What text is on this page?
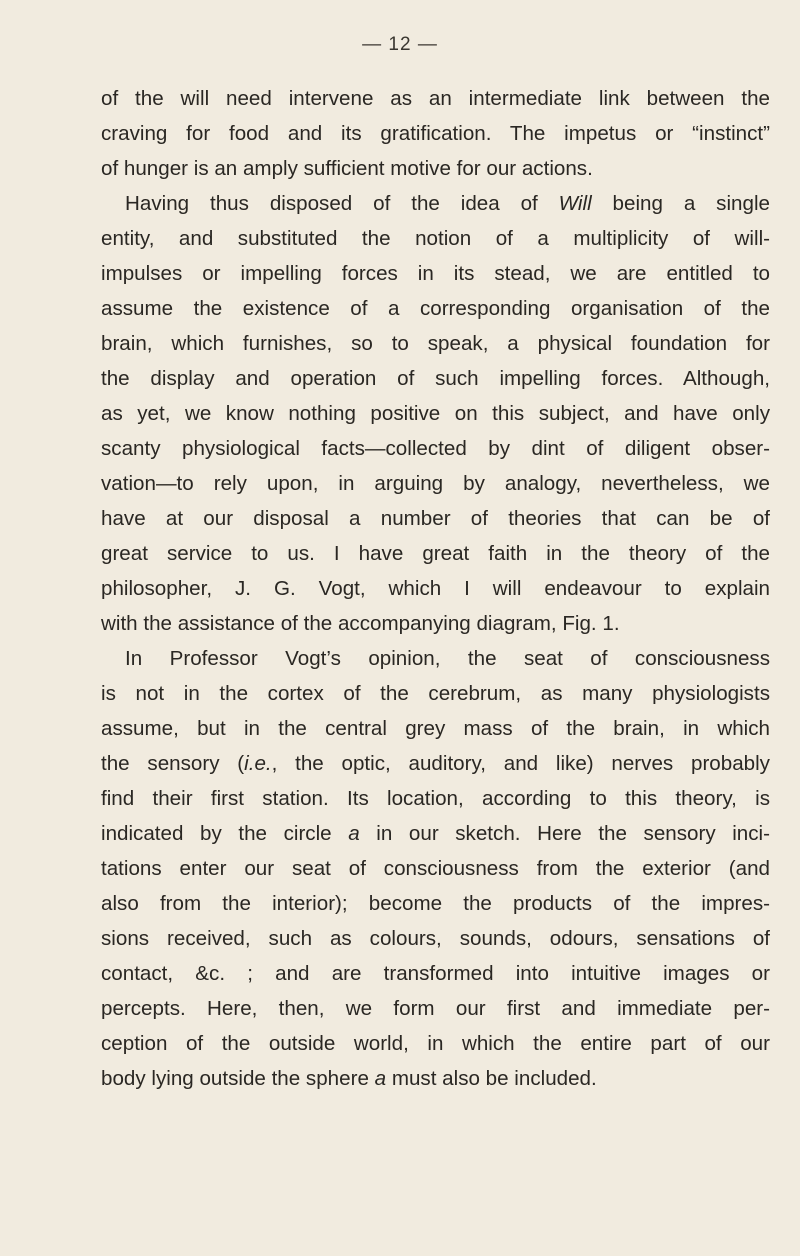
— 12 —
of the will need intervene as an intermediate link between the
craving for food and its gratification. The impetus or “instinct”
of hunger is an amply sufficient motive for our actions.
Having thus disposed of the idea of Will being a single
entity, and substituted the notion of a multiplicity of will-
impulses or impelling forces in its stead, we are entitled to
assume the existence of a corresponding organisation of the
brain, which furnishes, so to speak, a physical foundation for
the display and operation of such impelling forces. Although,
as yet, we know nothing positive on this subject, and have only
scanty physiological facts—collected by dint of diligent obser-
vation—to rely upon, in arguing by analogy, nevertheless, we
have at our disposal a number of theories that can be of
great service to us. I have great faith in the theory of the
philosopher, J. G. Vogt, which I will endeavour to explain
with the assistance of the accompanying diagram, Fig. 1.
In Professor Vogt’s opinion, the seat of consciousness
is not in the cortex of the cerebrum, as many physiologists
assume, but in the central grey mass of the brain, in which
the sensory (i.e., the optic, auditory, and like) nerves probably
find their first station. Its location, according to this theory, is
indicated by the circle a in our sketch. Here the sensory inci-
tations enter our seat of consciousness from the exterior (and
also from the interior); become the products of the impres-
sions received, such as colours, sounds, odours, sensations of
contact, &c. ; and are transformed into intuitive images or
percepts. Here, then, we form our first and immediate per-
ception of the outside world, in which the entire part of our
body lying outside the sphere a must also be included.
